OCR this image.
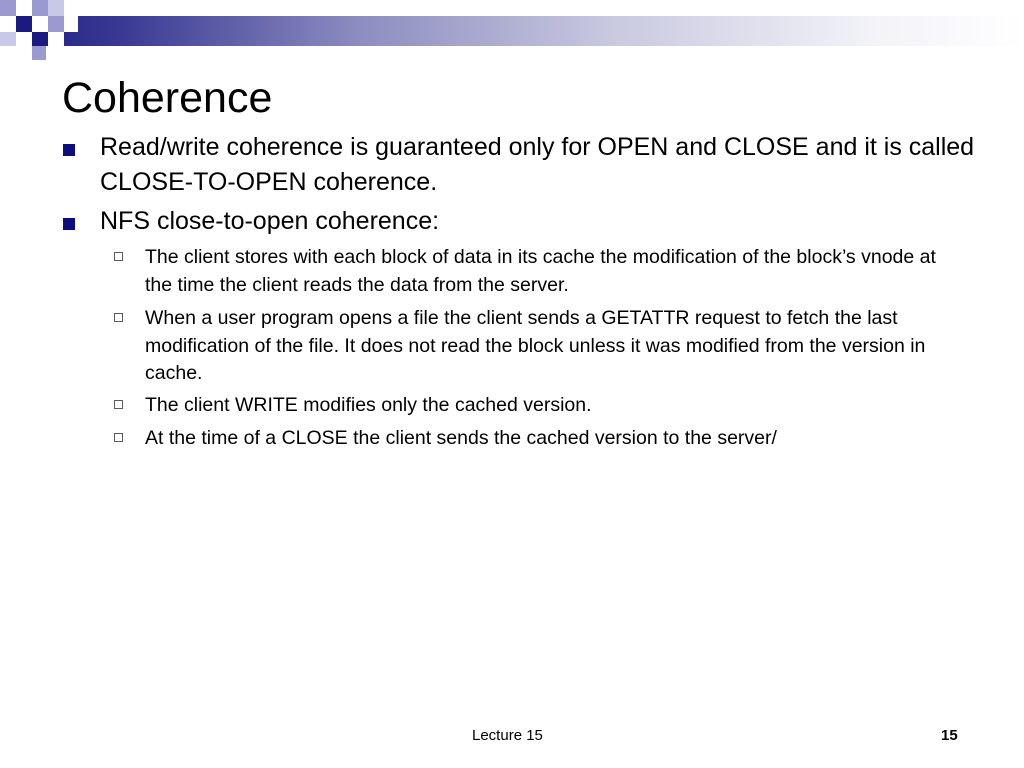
Coherence
Read/write coherence is guaranteed only for OPEN and CLOSE and it is called CLOSE-TO-OPEN coherence.
NFS close-to-open coherence:
The client stores with each block of data in its cache the modification of the block’s vnode at the time the client reads the data from the server.
When a user program opens a file the client sends a GETATTR request to fetch the last modification of the file. It does not read the block unless it was modified from the version in cache.
The client WRITE modifies only the cached version.
At the time of a CLOSE the client sends the cached version to the server/
Lecture 15	15
